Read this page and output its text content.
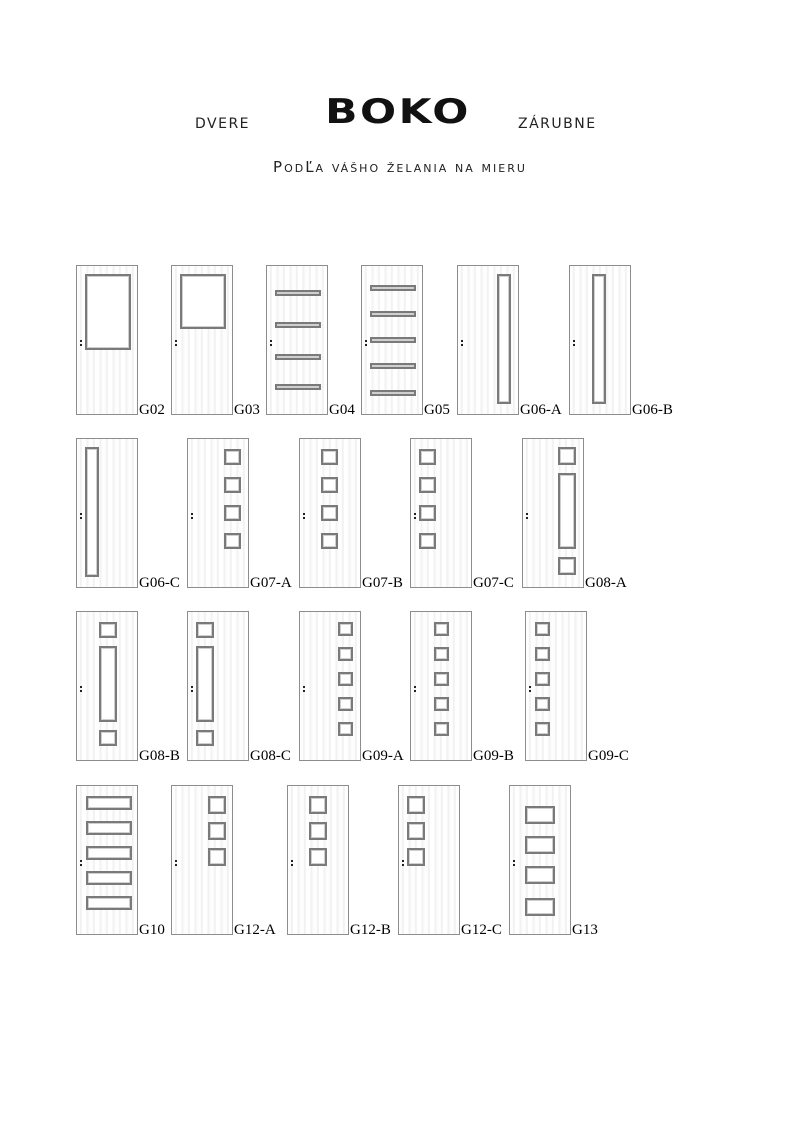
DVERE	BOKO	ZÁRUBNE
PodĽa vášho želania na mieru
G02	G03	G04	G05	G06-A	G06-B
G06-C	G07-A	G07-B	G07-C	G08-A
G08-B	G08-C	G09-A	G09-B	G09-C
G10	G12-A	G12-B	G12-C	G13
